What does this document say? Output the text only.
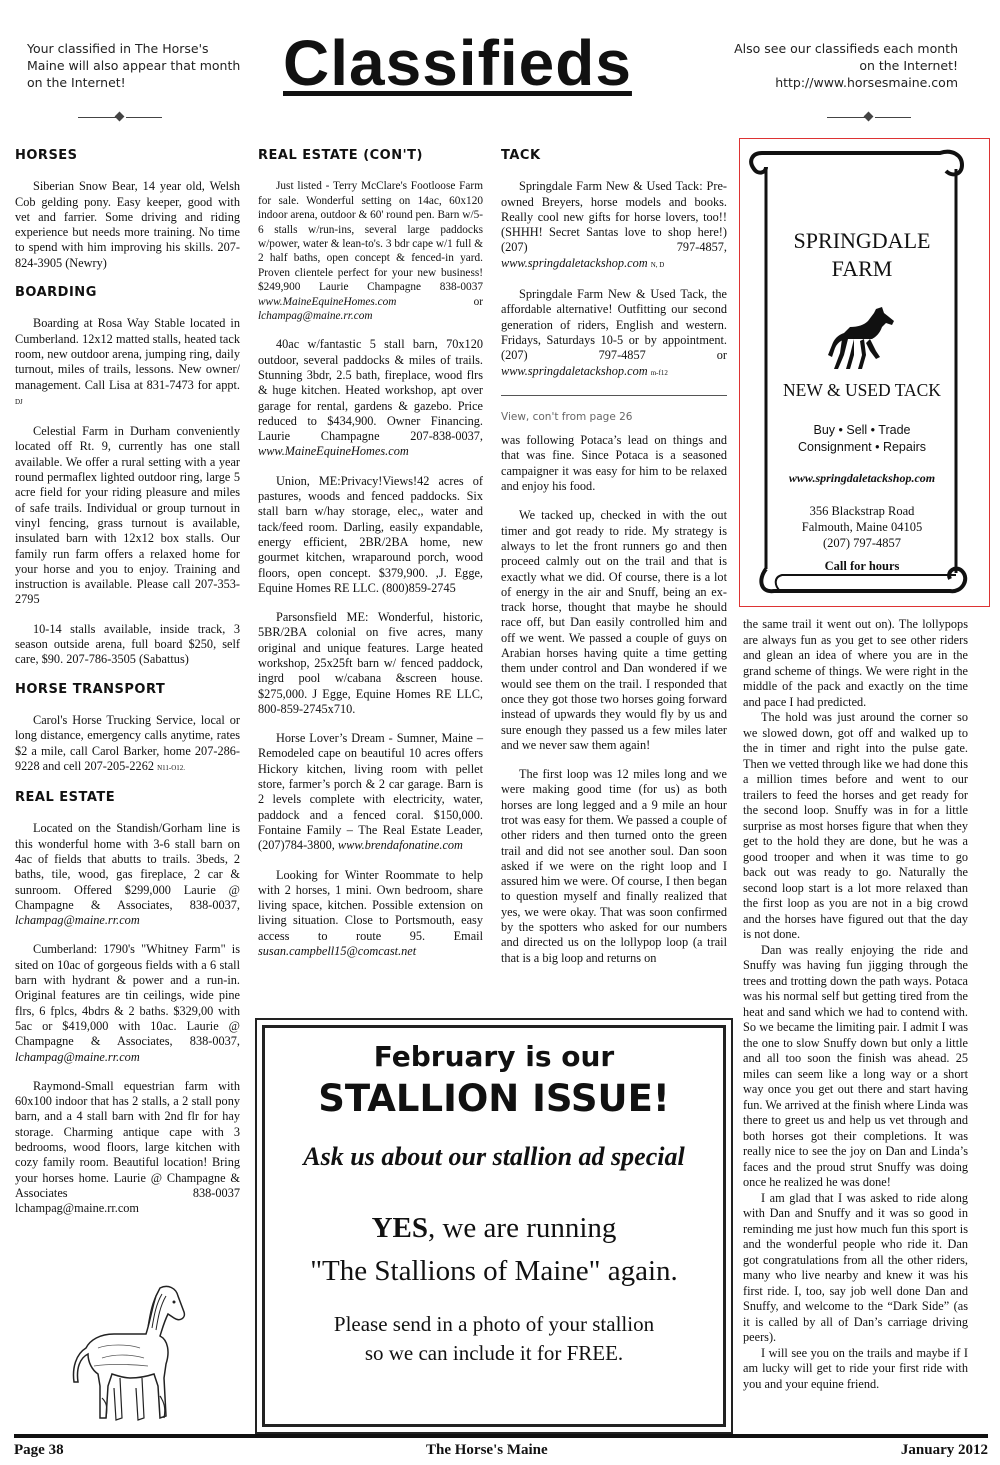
Your classified in The Horse's Maine will also appear that month on the Internet!	Classifieds	Also see our classifieds each month on the Internet!
http://www.horsesmaine.com
HORSES

Siberian Snow Bear, 14 year old, Welsh Cob gelding pony. Easy keeper, good with vet and farrier. Some driving and riding experience but needs more training. No time to spend with him improving his skills. 207-824-3905 (Newry)

BOARDING

Boarding at Rosa Way Stable located in Cumberland. 12x12 matted stalls, heated tack room, new outdoor arena, jumping ring, daily turnout, miles of trails, lessons. New owner/ management. Call Lisa at 831-7473 for appt. DJ

Celestial Farm in Durham conveniently located off Rt. 9, currently has one stall available. We offer a rural setting with a year round permaflex lighted outdoor ring, large 5 acre field for your riding pleasure and miles of safe trails. Individual or group turnout in vinyl fencing, grass turnout is available, insulated barn with 12x12 box stalls. Our family run farm offers a relaxed home for your horse and you to enjoy. Training and instruction is available. Please call 207-353-2795

10-14 stalls available, inside track, 3 season outside arena, full board $250, self care, $90. 207-786-3505 (Sabattus)

HORSE TRANSPORT

Carol's Horse Trucking Service, local or long distance, emergency calls anytime, rates $2 a mile, call Carol Barker, home 207-286-9228 and cell 207-205-2262 N11-O12.

REAL ESTATE

Located on the Standish/Gorham line is this wonderful home with 3-6 stall barn on 4ac of fields that abutts to trails. 3beds, 2 baths, tile, wood, gas fireplace, 2 car & sunroom. Offered $299,000 Laurie @ Champagne & Associates, 838-0037, lchampag@maine.rr.com

Cumberland: 1790's "Whitney Farm" is sited on 10ac of gorgeous fields with a 6 stall barn with hydrant & power and a run-in. Original features are tin ceilings, wide pine flrs, 6 fplcs, 4bdrs & 2 baths. $329,00 with 5ac or $419,000 with 10ac. Laurie @ Champagne & Associates, 838-0037, lchampag@maine.rr.com

Raymond-Small equestrian farm with 60x100 indoor that has 2 stalls, a 2 stall pony barn, and a 4 stall barn with 2nd flr for hay storage. Charming antique cape with 3 bedrooms, wood floors, large kitchen with cozy family room. Beautiful location! Bring your horses home. Laurie @ Champagne & Associates 838-0037 lchampag@maine.rr.com

REAL ESTATE (CON'T)

Just listed - Terry McClare's Footloose Farm for sale. Wonderful setting on 14ac, 60x120 indoor arena, outdoor & 60' round pen. Barn w/5-6 stalls w/run-ins, several large paddocks w/power, water & lean-to's. 3 bdr cape w/1 full & 2 half baths, open concept & fenced-in yard. Proven clientele perfect for your new business! $249,900 Laurie Champagne 838-0037 www.MaineEquineHomes.com	or lchampag@maine.rr.com

40ac w/fantastic 5 stall barn, 70x120 outdoor, several paddocks & miles of trails. Stunning 3bdr, 2.5 bath, fireplace, wood flrs & huge kitchen. Heated workshop, apt over garage for rental, gardens & gazebo. Price reduced to $434,900. Owner Financing. Laurie Champagne 207-838-0037, www.MaineEquineHomes.com

Union, ME:Privacy!Views!42 acres of pastures, woods and fenced paddocks. Six stall barn w/hay storage, elec,, water and tack/feed room. Darling, easily expandable, energy efficient, 2BR/2BA home, new gourmet kitchen, wraparound porch, wood floors, open concept. $379,900. ,J. Egge, Equine Homes RE LLC. (800)859-2745

Parsonsfield ME: Wonderful, historic, 5BR/2BA colonial on five acres, many original and unique features. Large heated workshop, 25x25ft barn w/ fenced paddock, ingrd pool w/cabana &screen house. $275,000. J Egge, Equine Homes RE LLC, 800-859-2745x710.

Horse Lover’s Dream - Sumner, Maine – Remodeled cape on beautiful 10 acres offers Hickory kitchen, living room with pellet store, farmer’s porch & 2 car garage. Barn is 2 levels complete with electricity, water, paddock and a fenced coral. $150,000. Fontaine Family – The Real Estate Leader, (207)784-3800, www.brendafonatine.com

Looking for Winter Roommate to help with 2 horses, 1 mini. Own bedroom, share living space, kitchen. Possible extension on living situation. Close to Portsmouth, easy access to route 95. Email susan.campbell15@comcast.net

TACK

Springdale Farm New & Used Tack: Pre-owned Breyers, horse models and books. Really cool new gifts for horse lovers, too!! (SHHH! Secret Santas love to shop here!) (207) 797-4857, www.springdaletackshop.com N, D

Springdale Farm New & Used Tack, the affordable alternative! Outfitting our second generation of riders, English and western. Fridays, Saturdays 10-5 or by appointment. (207) 797-4857 or www.springdaletackshop.com m-f12

View, con't from page 26

was following Potaca’s lead on things and that was fine. Since Potaca is a seasoned campaigner it was easy for him to be relaxed and enjoy his food.

We tacked up, checked in with the out timer and got ready to ride. My strategy is always to let the front runners go and then proceed calmly out on the trail and that is exactly what we did. Of course, there is a lot of energy in the air and Snuff, being an ex-track horse, thought that maybe he should race off, but Dan easily controlled him and off we went. We passed a couple of guys on Arabian horses having quite a time getting them under control and Dan wondered if we would see them on the trail. I responded that once they got those two horses going forward instead of upwards they would fly by us and sure enough they passed us a few miles later and we never saw them again!

The first loop was 12 miles long and we were making good time (for us) as both horses are long legged and a 9 mile an hour trot was easy for them. We passed a couple of other riders and then turned onto the green trail and did not see another soul. Dan soon asked if we were on the right loop and I assured him we were. Of course, I then began to question myself and finally realized that yes, we were okay. That was soon confirmed by the spotters who asked for our numbers and directed us on the lollypop loop (a trail that is a big loop and returns on

SPRINGDALE
FARM
NEW & USED TACK
Buy • Sell • Trade
Consignment • Repairs
www.springdaletackshop.com
356 Blackstrap Road
Falmouth, Maine 04105
(207) 797-4857
Call for hours

the same trail it went out on). The lollypops are always fun as you get to see other riders and glean an idea of where you are in the grand scheme of things. We were right in the middle of the pack and exactly on the time and pace I had predicted.

The hold was just around the corner so we slowed down, got off and walked up to the in timer and right into the pulse gate. Then we vetted through like we had done this a million times before and went to our trailers to feed the horses and get ready for the second loop. Snuffy was in for a little surprise as most horses figure that when they get to the hold they are done, but he was a good trooper and when it was time to go back out was ready to go. Naturally the second loop start is a lot more relaxed than the first loop as you are not in a big crowd and the horses have figured out that the day is not done.

Dan was really enjoying the ride and Snuffy was having fun jigging through the trees and trotting down the path ways. Potaca was his normal self but getting tired from the heat and sand which we had to contend with. So we became the limiting pair. I admit I was the one to slow Snuffy down but only a little and all too soon the finish was ahead. 25 miles can seem like a long way or a short way once you get out there and start having fun. We arrived at the finish where Linda was there to greet us and help us vet through and both horses got their completions. It was really nice to see the joy on Dan and Linda’s faces and the proud strut Snuffy was doing once he realized he was done!

I am glad that I was asked to ride along with Dan and Snuffy and it was so good in reminding me just how much fun this sport is and the wonderful people who ride it. Dan got congratulations from all the other riders, many who live nearby and knew it was his first ride. I, too, say job well done Dan and Snuffy, and welcome to the “Dark Side” (as it is called by all of Dan’s carriage driving peers).

I will see you on the trails and maybe if I am lucky will get to ride your first ride with you and your equine friend.

February is our
STALLION ISSUE!
Ask us about our stallion ad special
YES, we are running
"The Stallions of Maine" again.
Please send in a photo of your stallion
so we can include it for FREE.
Page 38	The Horse's Maine	January 2012
